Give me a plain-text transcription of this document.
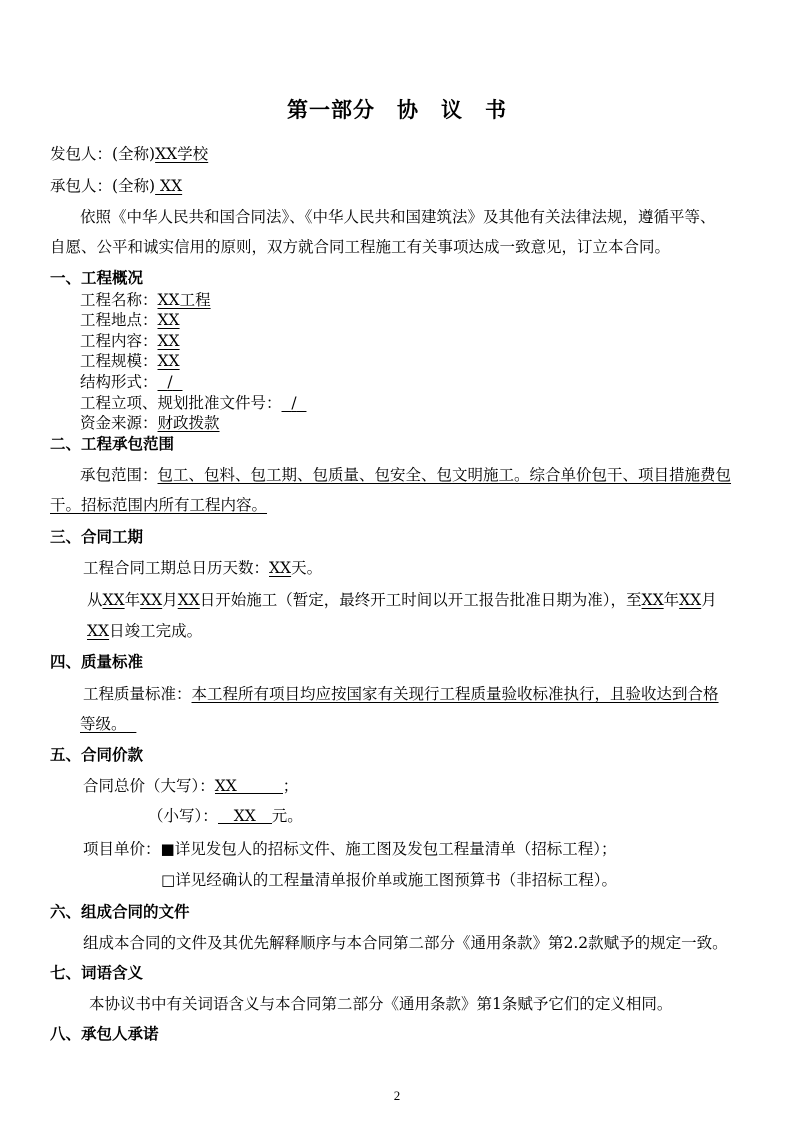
第一部分　协　议　书
发包人：(全称)XX学校
承包人：(全称) XX
依照《中华人民共和国合同法》、《中华人民共和国建筑法》及其他有关法律法规，遵循平等、
自愿、公平和诚实信用的原则，双方就合同工程施工有关事项达成一致意见，订立本合同。
一、工程概况
工程名称：XX工程
工程地点：XX
工程内容：XX
工程规模：XX
结构形式： /
工程立项、规划批准文件号： /
资金来源：财政拨款
二、工程承包范围
承包范围：包工、包料、包工期、包质量、包安全、包文明施工。综合单价包干、项目措施费包
干。招标范围内所有工程内容。
三、合同工期
工程合同工期总日历天数：XX天。
从XX年XX月XX日开始施工（暂定，最终开工时间以开工报告批准日期为准），至XX年XX月
XX日竣工完成。
四、质量标准
工程质量标准：本工程所有项目均应按国家有关现行工程质量验收标准执行，且验收达到合格
等级。
五、合同价款
合同总价（大写）：XX	；
（小写）： XX 元。
项目单价：■详见发包人的招标文件、施工图及发包工程量清单（招标工程）；
□详见经确认的工程量清单报价单或施工图预算书（非招标工程）。
六、组成合同的文件
组成本合同的文件及其优先解释顺序与本合同第二部分《通用条款》第2.2款赋予的规定一致。
七、词语含义
本协议书中有关词语含义与本合同第二部分《通用条款》第1条赋予它们的定义相同。
八、承包人承诺
2
